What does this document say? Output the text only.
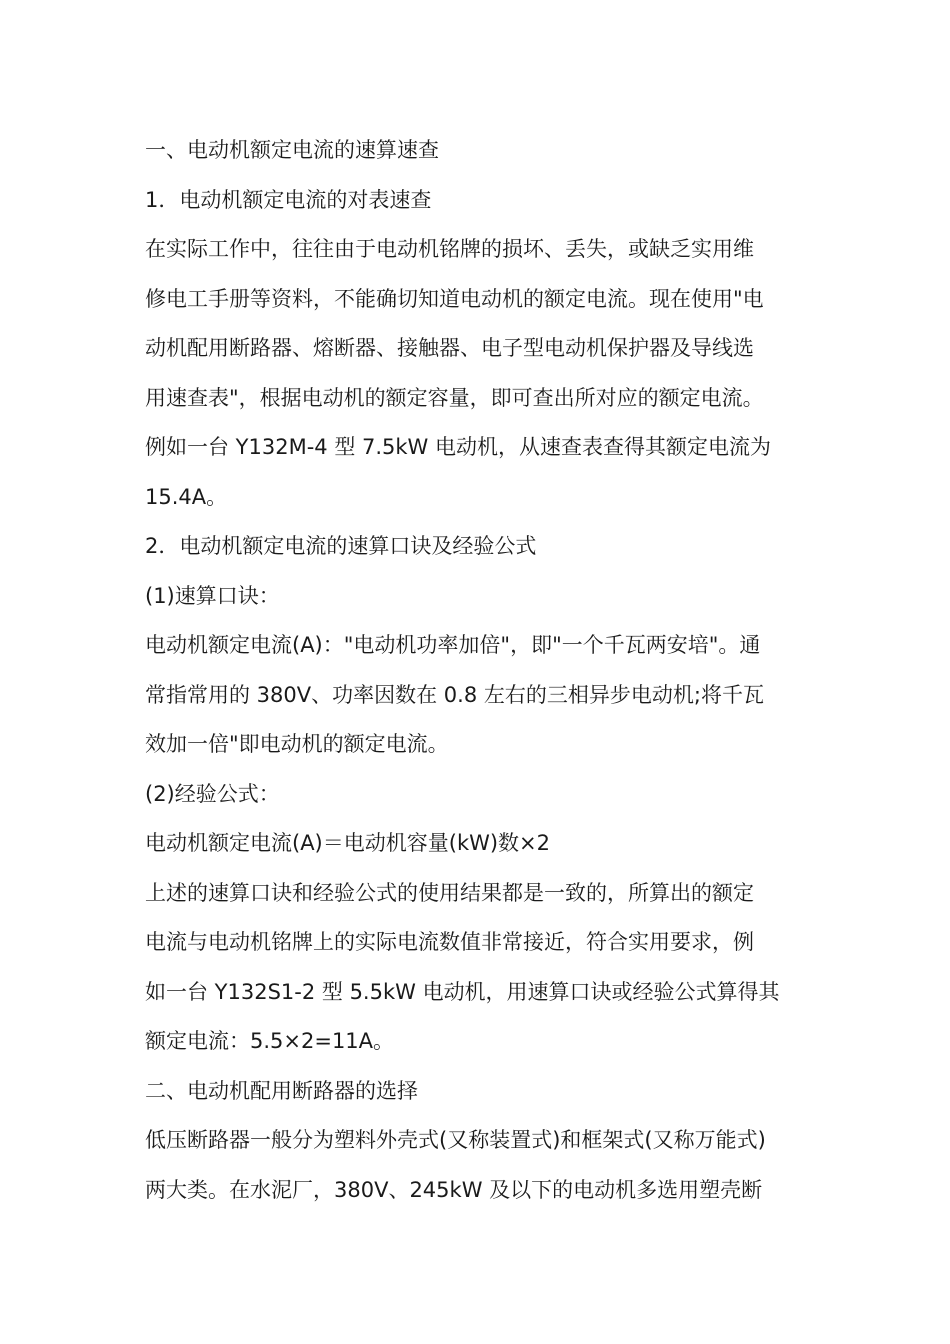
一、电动机额定电流的速算速查
1．电动机额定电流的对表速查
在实际工作中，往往由于电动机铭牌的损坏、丢失，或缺乏实用维
修电工手册等资料，不能确切知道电动机的额定电流。现在使用"电
动机配用断路器、熔断器、接触器、电子型电动机保护器及导线选
用速查表"，根据电动机的额定容量，即可查出所对应的额定电流。
例如一台 Y132M-4 型 7.5kW 电动机，从速查表查得其额定电流为
15.4A。
2．电动机额定电流的速算口诀及经验公式
(1)速算口诀：
电动机额定电流(A)："电动机功率加倍"，即"一个千瓦两安培"。通
常指常用的 380V、功率因数在 0.8 左右的三相异步电动机;将千瓦
效加一倍"即电动机的额定电流。
(2)经验公式：
电动机额定电流(A)＝电动机容量(kW)数×2
上述的速算口诀和经验公式的使用结果都是一致的，所算出的额定
电流与电动机铭牌上的实际电流数值非常接近，符合实用要求，例
如一台 Y132S1-2 型 5.5kW 电动机，用速算口诀或经验公式算得其
额定电流：5.5×2=11A。
二、电动机配用断路器的选择
低压断路器一般分为塑料外壳式(又称装置式)和框架式(又称万能式)
两大类。在水泥厂，380V、245kW 及以下的电动机多选用塑壳断
